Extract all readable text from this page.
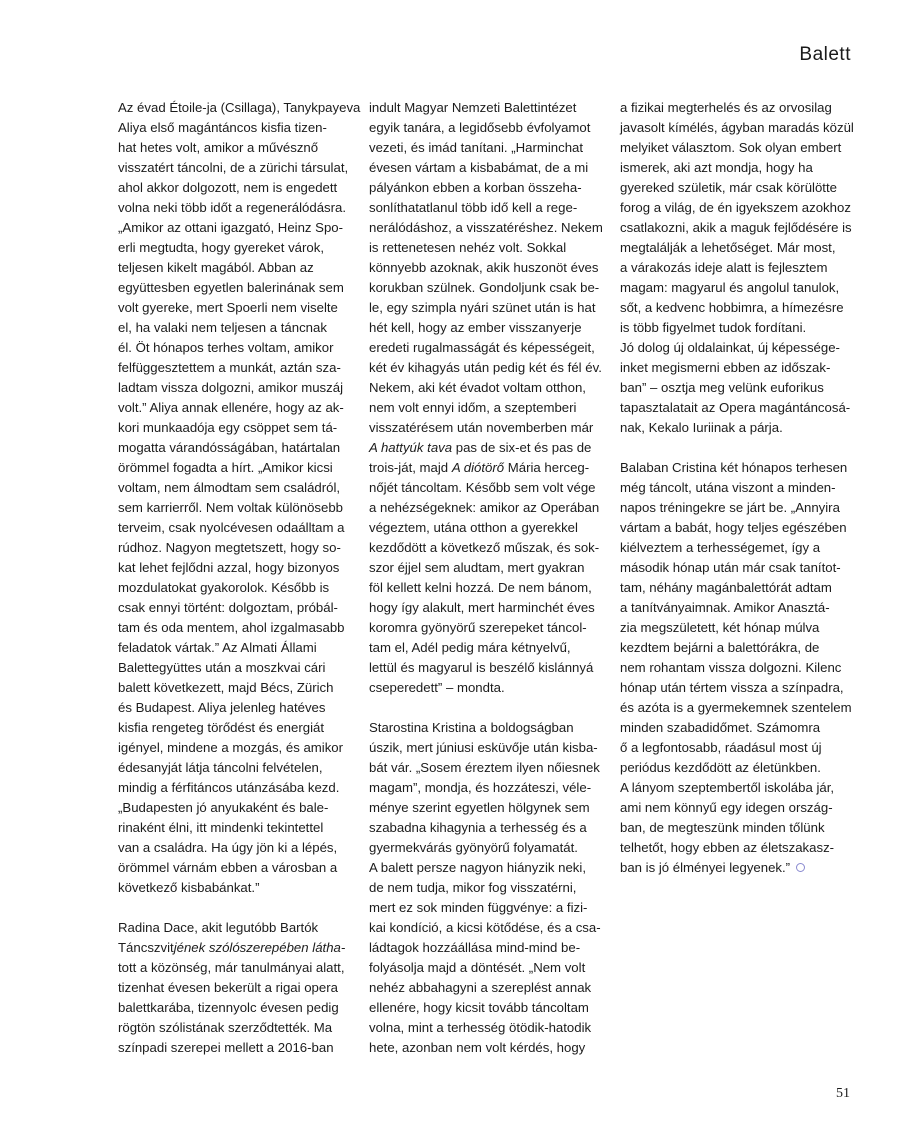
Balett
Az évad Étoile-ja (Csillaga), Tanykpayeva
Aliya első magántáncos kisfia tizen-
hat hetes volt, amikor a művésznő
visszatért táncolni, de a zürichi társulat,
ahol akkor dolgozott, nem is engedett
volna neki több időt a regenerálódásra.
„Amikor az ottani igazgató, Heinz Spo-
erli megtudta, hogy gyereket várok,
teljesen kikelt magából. Abban az
együttesben egyetlen balerinának sem
volt gyereke, mert Spoerli nem viselte
el, ha valaki nem teljesen a táncnak
él. Öt hónapos terhes voltam, amikor
felfüggesztettem a munkát, aztán sza-
ladtam vissza dolgozni, amikor muszáj
volt.” Aliya annak ellenére, hogy az ak-
kori munkaadója egy csöppet sem tá-
mogatta várandósságában, határtalan
örömmel fogadta a hírt. „Amikor kicsi
voltam, nem álmodtam sem családról,
sem karrierről. Nem voltak különösebb
terveim, csak nyolcévesen odaálltam a
rúdhoz. Nagyon megtetszett, hogy so-
kat lehet fejlődni azzal, hogy bizonyos
mozdulatokat gyakorolok. Később is
csak ennyi történt: dolgoztam, próbál-
tam és oda mentem, ahol izgalmasabb
feladatok vártak.” Az Almati Állami
Balettegyüttes után a moszkvai cári
balett következett, majd Bécs, Zürich
és Budapest. Aliya jelenleg hatéves
kisfia rengeteg törődést és energiát
igényel, mindene a mozgás, és amikor
édesanyját látja táncolni felvételen,
mindig a férfitáncos utánzásába kezd.
„Budapesten jó anyukaként és bale-
rinaként élni, itt mindenki tekintettel
van a családra. Ha úgy jön ki a lépés,
örömmel várnám ebben a városban a
következő kisbabánkat.”
Radina Dace, akit legutóbb Bartók
Táncszvitjének szólószerepében látha-
tott a közönség, már tanulmányai alatt,
tizenhat évesen bekerült a rigai opera
balettkarába, tizennyolc évesen pedig
rögtön szólistának szerződtették. Ma
színpadi szerepei mellett a 2016-ban
indult Magyar Nemzeti Balettintézet
egyik tanára, a legidősebb évfolyamot
vezeti, és imád tanítani. „Harminchat
évesen vártam a kisbabámat, de a mi
pályánkon ebben a korban összeha-
sonlíthatatlanul több idő kell a rege-
nerálódáshoz, a visszatéréshez. Nekem
is rettenetesen nehéz volt. Sokkal
könnyebb azoknak, akik huszonöt éves
korukban szülnek. Gondoljunk csak be-
le, egy szimpla nyári szünet után is hat
hét kell, hogy az ember visszanyerje
eredeti rugalmasságát és képességeit,
két év kihagyás után pedig két és fél év.
Nekem, aki két évadot voltam otthon,
nem volt ennyi időm, a szeptemberi
visszatérésem után novemberben már
A hattyúk tava pas de six-et és pas de
trois-ját, majd A diótörő Mária herceg-
nőjét táncoltam. Később sem volt vége
a nehézségeknek: amikor az Operában
végeztem, utána otthon a gyerekkel
kezdődött a következő műszak, és sok-
szor éjjel sem aludtam, mert gyakran
föl kellett kelni hozzá. De nem bánom,
hogy így alakult, mert harminchét éves
koromra gyönyörű szerepeket táncol-
tam el, Adél pedig mára kétnyelvű,
lettül és magyarul is beszélő kislánnyá
cseperedett” – mondta.
Starostina Kristina a boldogságban
úszik, mert júniusi esküvője után kisba-
bát vár. „Sosem éreztem ilyen nőiesnek
magam”, mondja, és hozzáteszi, véle-
ménye szerint egyetlen hölgynek sem
szabadna kihagynia a terhesség és a
gyermekvárás gyönyörű folyamatát.
A balett persze nagyon hiányzik neki,
de nem tudja, mikor fog visszatérni,
mert ez sok minden függvénye: a fizi-
kai kondíció, a kicsi kötődése, és a csa-
ládtagok hozzáállása mind-mind be-
folyásolja majd a döntését. „Nem volt
nehéz abbahagyni a szereplést annak
ellenére, hogy kicsit tovább táncoltam
volna, mint a terhesség ötödik-hatodik
hete, azonban nem volt kérdés, hogy
a fizikai megterhelés és az orvosilag
javasolt kímélés, ágyban maradás közül
melyiket választom. Sok olyan embert
ismerek, aki azt mondja, hogy ha
gyereked születik, már csak körülötte
forog a világ, de én igyekszem azokhoz
csatlakozni, akik a maguk fejlődésére is
megtalálják a lehetőséget. Már most,
a várakozás ideje alatt is fejlesztem
magam: magyarul és angolul tanulok,
sőt, a kedvenc hobbimra, a hímezésre
is több figyelmet tudok fordítani.
Jó dolog új oldalainkat, új képessége-
inket megismerni ebben az időszak-
ban” – osztja meg velünk euforikus
tapasztalatait az Opera magántáncosá-
nak, Kekalo Iuriinak a párja.
Balaban Cristina két hónapos terhesen
még táncolt, utána viszont a minden-
napos tréningekre se járt be. „Annyira
vártam a babát, hogy teljes egészében
kiélveztem a terhességemet, így a
második hónap után már csak tanítot-
tam, néhány magánbalettórát adtam
a tanítványaimnak. Amikor Anasztá-
zia megszületett, két hónap múlva
kezdtem bejárni a balettórákra, de
nem rohantam vissza dolgozni. Kilenc
hónap után tértem vissza a színpadra,
és azóta is a gyermekemnek szentelem
minden szabadidőmet. Számomra
ő a legfontosabb, ráadásul most új
periódus kezdődött az életünkben.
A lányom szeptembertől iskolába jár,
ami nem könnyű egy idegen ország-
ban, de megteszünk minden tőlünk
telhetőt, hogy ebben az életszakasz-
ban is jó élményei legyenek.”
51
